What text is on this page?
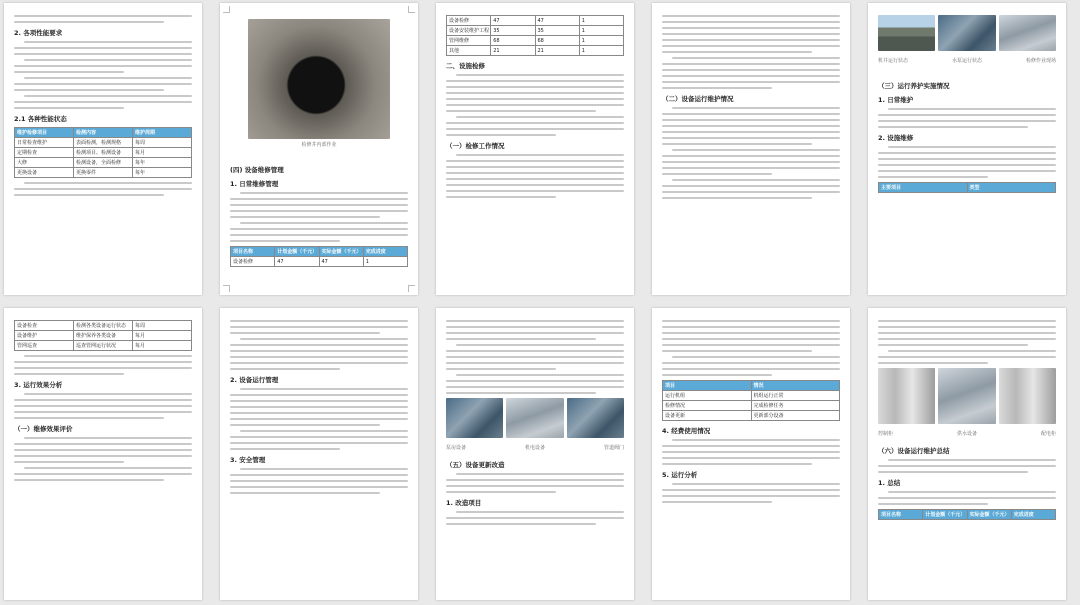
2. 各项性能要求
2.1 各种性能状态
维护检修项目	检测内容	维护周期
日常检查维护	表面检测，检测规格	每周
定期检查	检测项目、检测设备	每月
大修	检测设备，全面检修	每年
更换设备	更换零件	每年
检修井内部作业
(四) 设备维修管理
1. 日常维修管理
项目名称	计划金额（千元）	实际金额（千元）	完成进度
设备检修	47	47	1
设备检修	47	47	1
设备安装维护工程	35	35	1
管网维修	68	68	1
其他	21	21	1
二、设施检修
（一）检修工作情况
（二）设备运行维护情况
机井运行状态	水泵运行状态	检修作业现场
（三）运行养护实施情况
1. 日常维护
2. 设施维修
主要项目	类型
设备检查	检测各类设备运行状态	每周
设备维护	维护保养各类设备	每月
管网巡查	巡查管网运行状况	每月
3. 运行效果分析
（一）维修效果评价
2. 设备运行管理
3. 安全管理
泵房设备	机电设备	管道阀门
（五）设备更新改造
1. 改造项目
项目	情况
运行机组	机组运行正常
检修情况	完成检修任务
设备更新	更新部分设备
4. 经费使用情况
5. 运行分析
控制柜	供水设备	配电柜
（六）设备运行维护总结
1. 总结
项目名称	计划金额（千元）	实际金额（千元）	完成进度
